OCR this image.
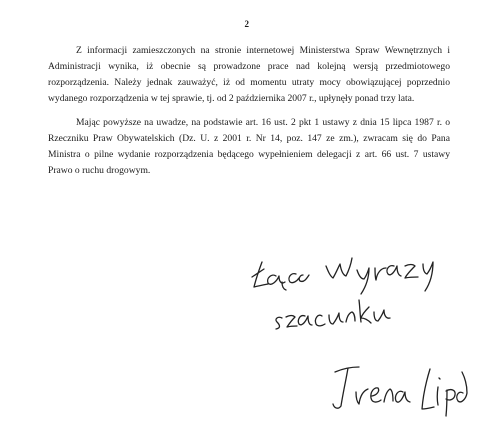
2

Z informacji zamieszczonych na stronie internetowej Ministerstwa Spraw Wewnętrznych i Administracji wynika, iż obecnie są prowadzone prace nad kolejną wersją przedmiotowego rozporządzenia. Należy jednak zauważyć, iż od momentu utraty mocy obowiązującej poprzednio wydanego rozporządzenia w tej sprawie, tj. od 2 października 2007 r., upłynęły ponad trzy lata.

Mając powyższe na uwadze, na podstawie art. 16 ust. 2 pkt 1 ustawy z dnia 15 lipca 1987 r. o Rzeczniku Praw Obywatelskich (Dz. U. z 2001 r. Nr 14, poz. 147 ze zm.), zwracam się do Pana Ministra o pilne wydanie rozporządzenia będącego wypełnieniem delegacji z art. 66 ust. 7 ustawy Prawo o ruchu drogowym.
